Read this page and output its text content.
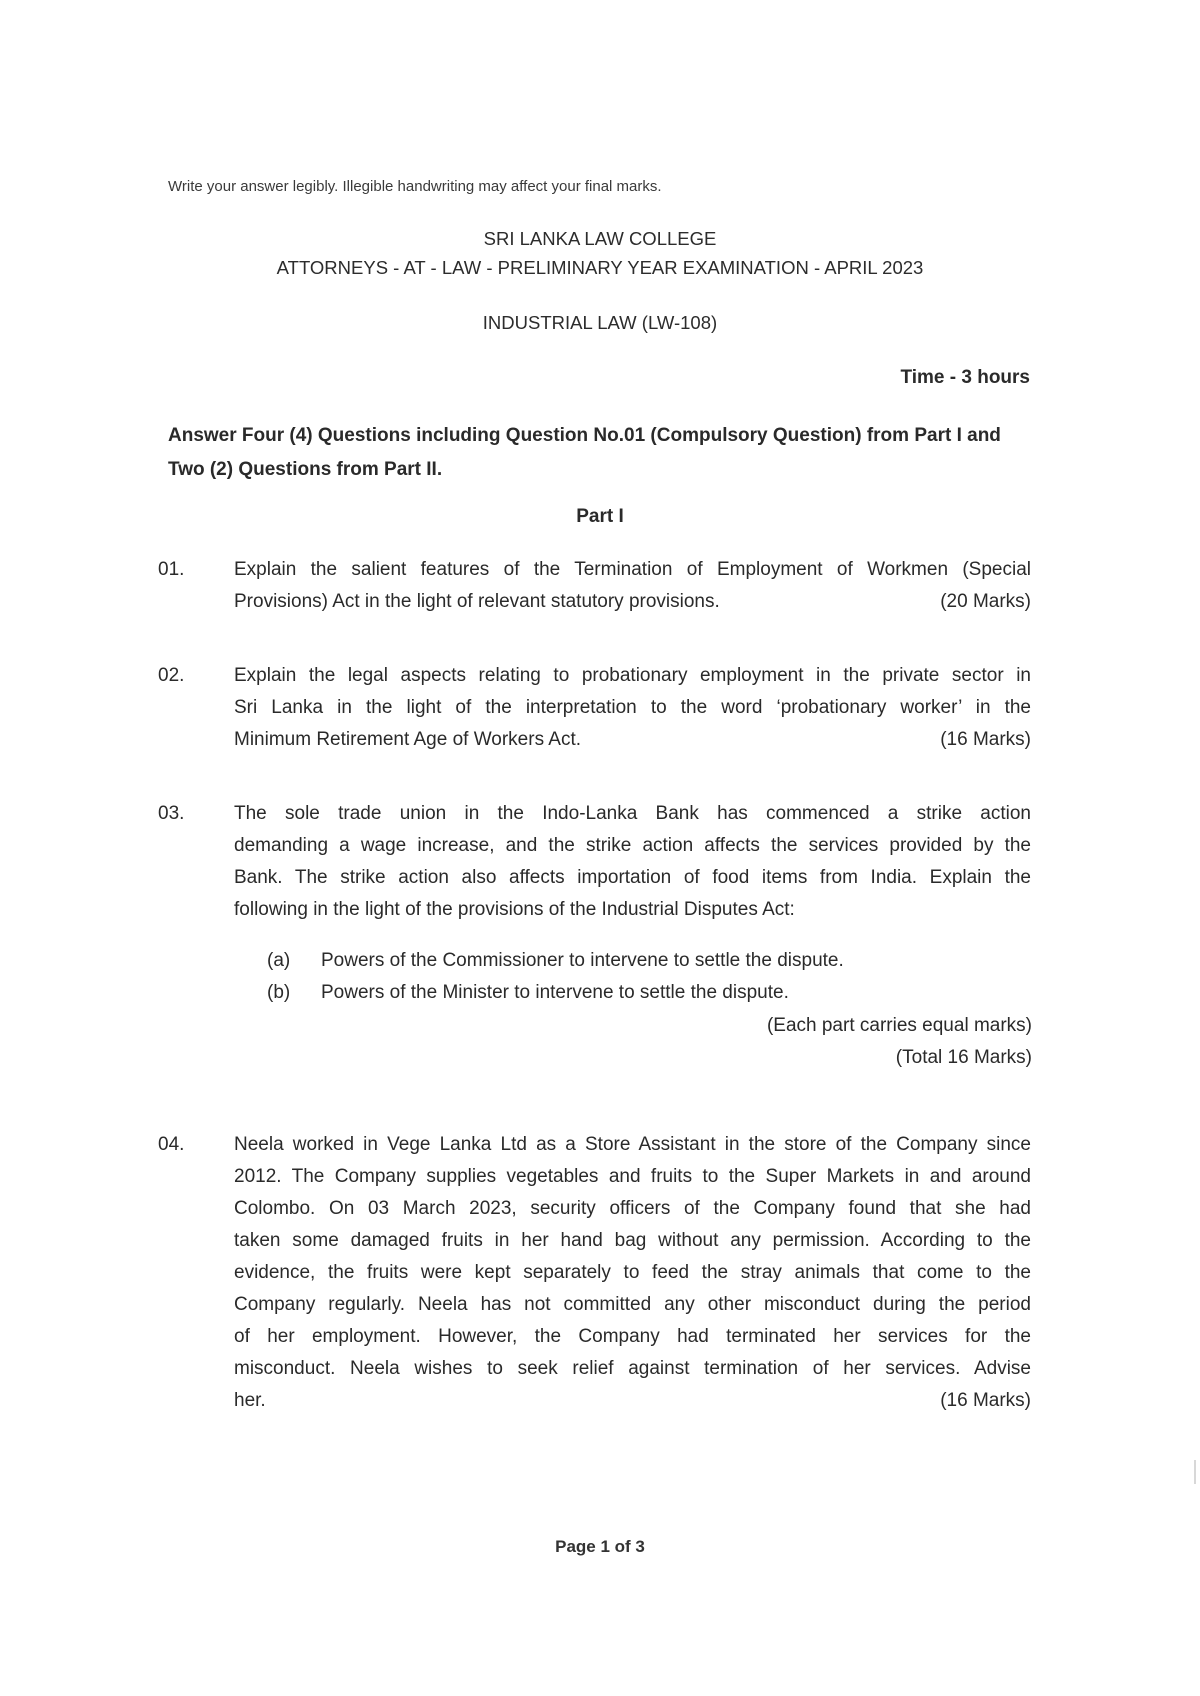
Write your answer legibly. Illegible handwriting may affect your final marks.
SRI LANKA LAW COLLEGE
ATTORNEYS - AT - LAW - PRELIMINARY YEAR EXAMINATION - APRIL 2023
INDUSTRIAL LAW (LW-108)
Time - 3 hours
Answer Four (4) Questions including Question No.01 (Compulsory Question) from Part I and Two (2) Questions from Part II.
Part I
01.	Explain the salient features of the Termination of Employment of Workmen (Special
Provisions) Act in the light of relevant statutory provisions.	(20 Marks)
02.	Explain the legal aspects relating to probationary employment in the private sector in
Sri Lanka in the light of the interpretation to the word ‘probationary worker’ in the
Minimum Retirement Age of Workers Act.	(16 Marks)
03.	The sole trade union in the Indo-Lanka Bank has commenced a strike action
demanding a wage increase, and the strike action affects the services provided by the
Bank. The strike action also affects importation of food items from India. Explain the
following in the light of the provisions of the Industrial Disputes Act:
(a)	Powers of the Commissioner to intervene to settle the dispute.
(b)	Powers of the Minister to intervene to settle the dispute.
(Each part carries equal marks)
(Total 16 Marks)
04.	Neela worked in Vege Lanka Ltd as a Store Assistant in the store of the Company since
2012. The Company supplies vegetables and fruits to the Super Markets in and around
Colombo. On 03 March 2023, security officers of the Company found that she had
taken some damaged fruits in her hand bag without any permission. According to the
evidence, the fruits were kept separately to feed the stray animals that come to the
Company regularly. Neela has not committed any other misconduct during the period
of her employment. However, the Company had terminated her services for the
misconduct. Neela wishes to seek relief against termination of her services. Advise
her.	(16 Marks)
Page 1 of 3
